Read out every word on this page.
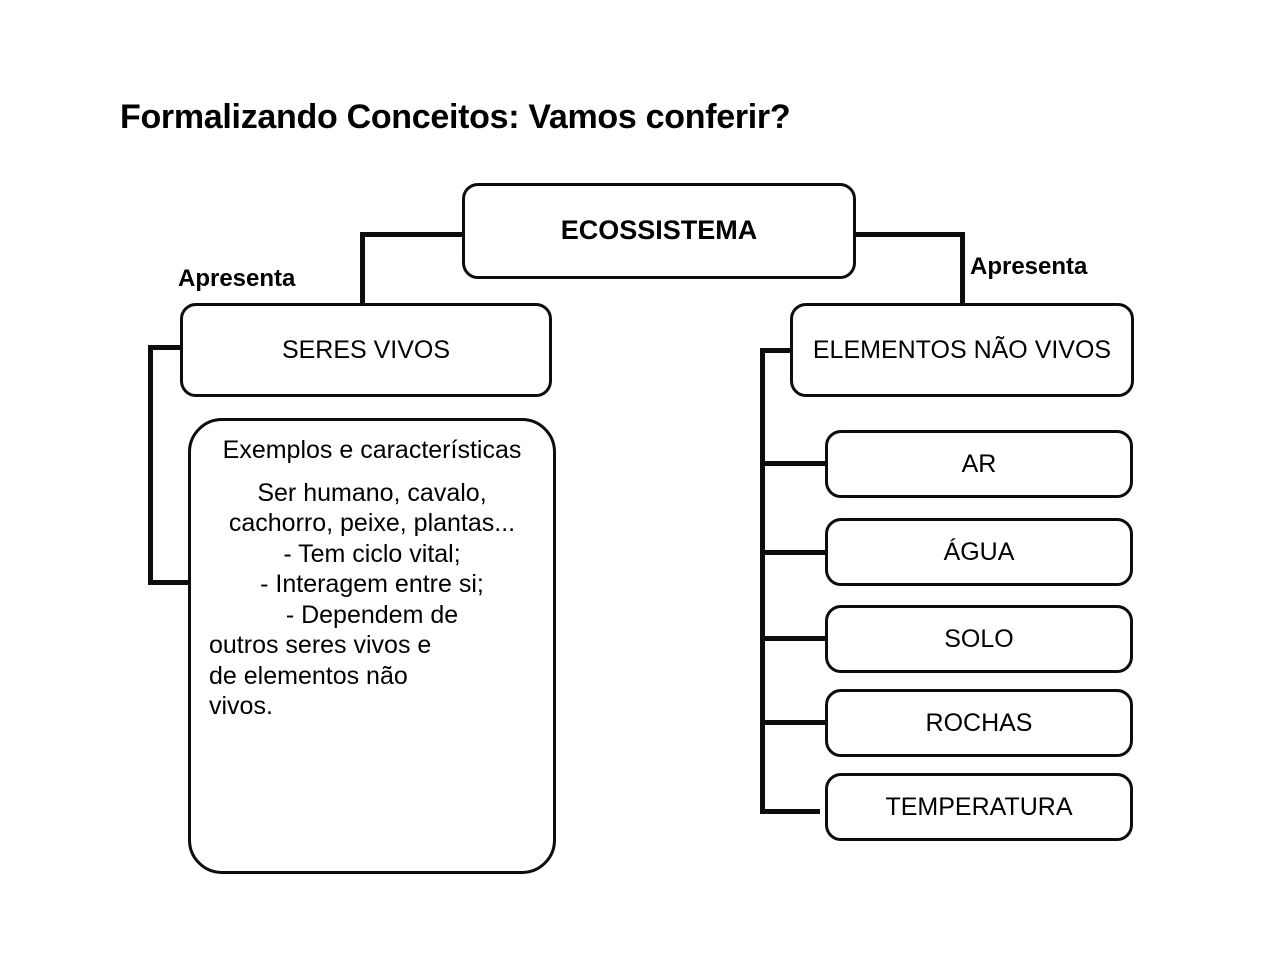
Formalizando Conceitos: Vamos conferir?
ECOSSISTEMA
Apresenta	Apresenta
SERES VIVOS	ELEMENTOS NÃO VIVOS
Exemplos e características
Ser humano, cavalo, cachorro, peixe, plantas...
- Tem ciclo vital;
- Interagem entre si;
- Dependem de
outros seres vivos e
de elementos não
vivos.
AR
ÁGUA
SOLO
ROCHAS
TEMPERATURA
